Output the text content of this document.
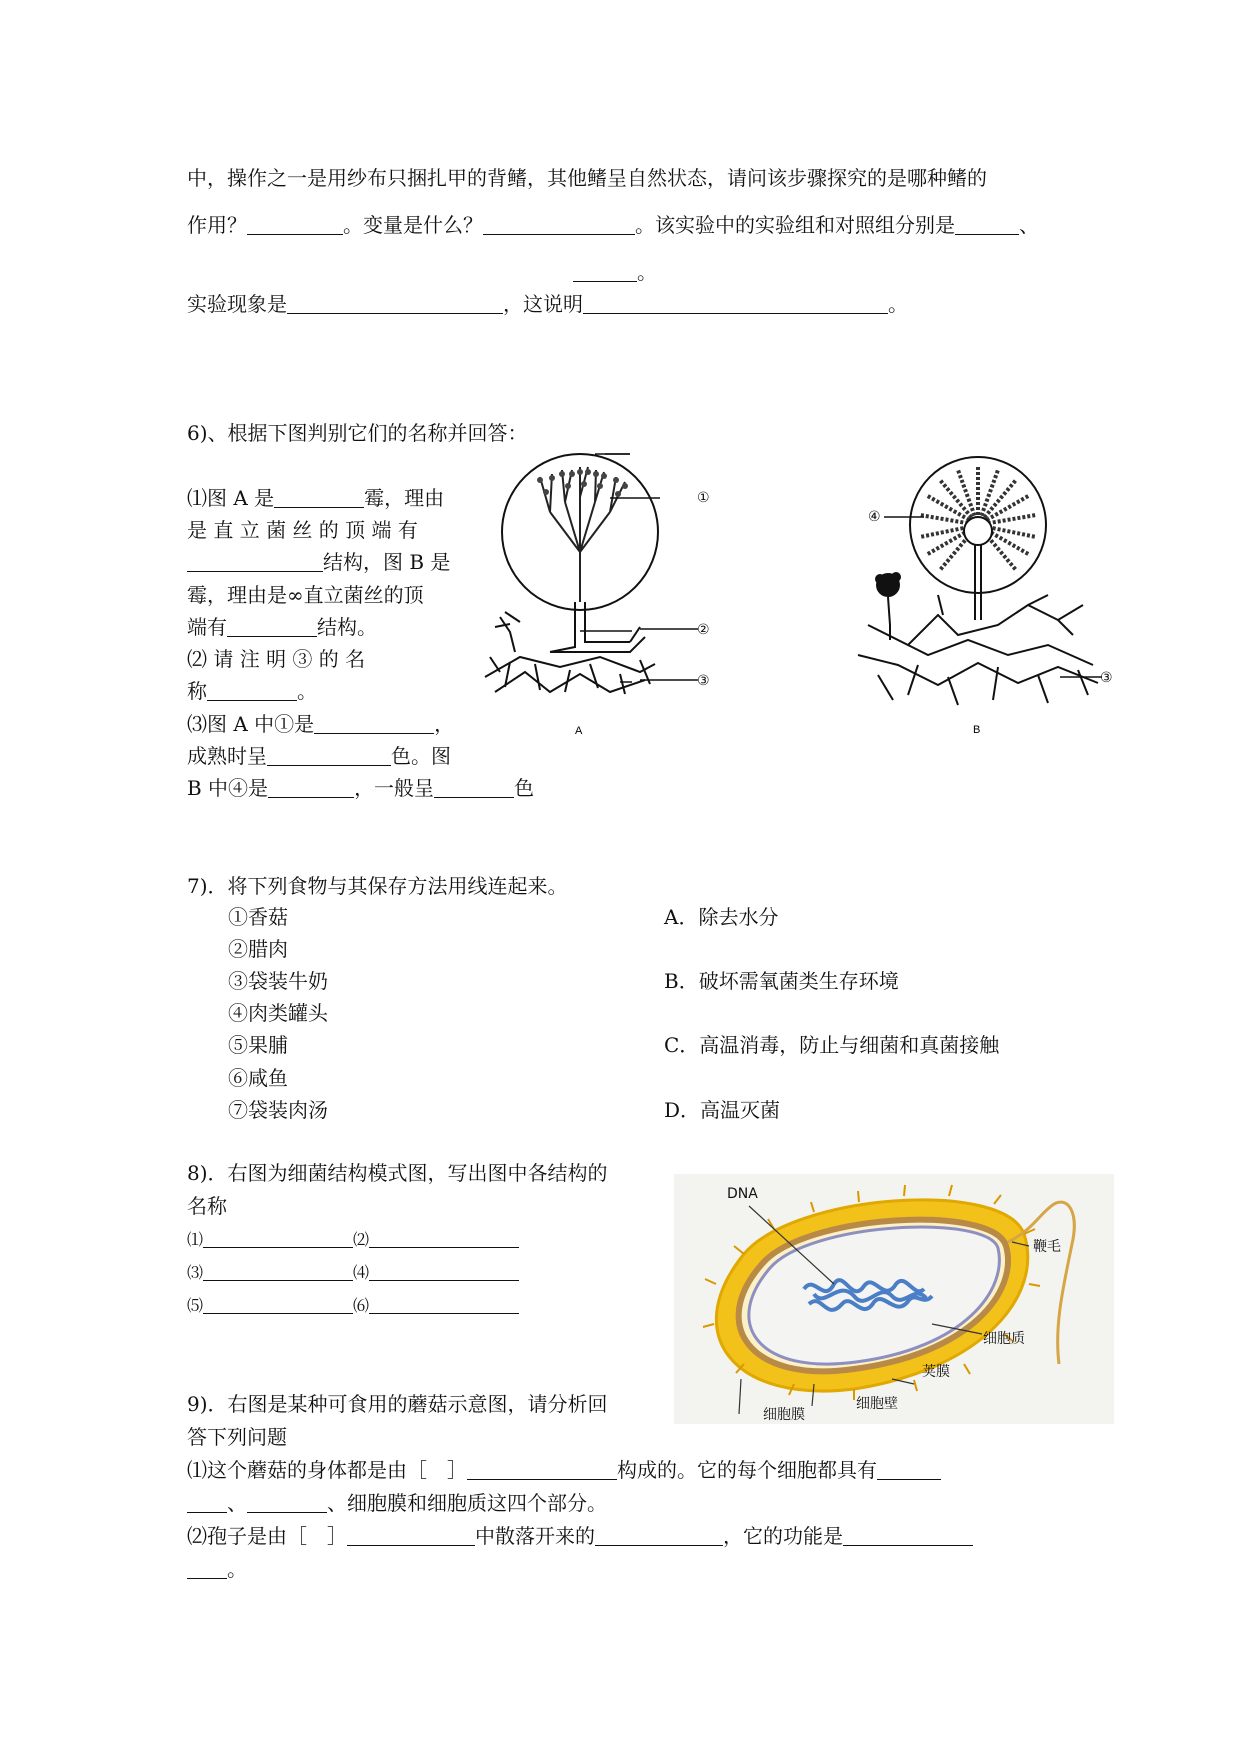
中，操作之一是用纱布只捆扎甲的背鳍，其他鳍呈自然状态，请问该步骤探究的是哪种鳍的
作用？	。变量是什么？	。该实验中的实验组和对照组分别是	、
。
实验现象是	，这说明	。
6)、根据下图判别它们的名称并回答：
⑴图 A 是	霉，理由
是 直 立 菌 丝 的 顶 端 有
结构，图 B 是
霉，理由是∞直立菌丝的顶
端有	结构。
⑵ 请 注 明 ③ 的 名
称	。
⑶图 A 中①是	，
成熟时呈	色。图
B 中④是	，一般呈	色
A
①
②
③
B
④
③
7)．将下列食物与其保存方法用线连起来。
①香菇
②腊肉
③袋装牛奶
④肉类罐头
⑤果脯
⑥咸鱼
⑦袋装肉汤
A．除去水分
B．破坏需氧菌类生存环境
C．高温消毒，防止与细菌和真菌接触
D．高温灭菌
8)．右图为细菌结构模式图，写出图中各结构的
名称
⑴	⑵
⑶	⑷
⑸	⑹
DNA
鞭毛
细胞质
荚膜
细胞壁
细胞膜
9)．右图是某种可食用的蘑菇示意图，请分析回
答下列问题
⑴这个蘑菇的身体都是由［　］	构成的。它的每个细胞都具有
、	、细胞膜和细胞质这四个部分。
⑵孢子是由［　］	中散落开来的	，它的功能是
。
